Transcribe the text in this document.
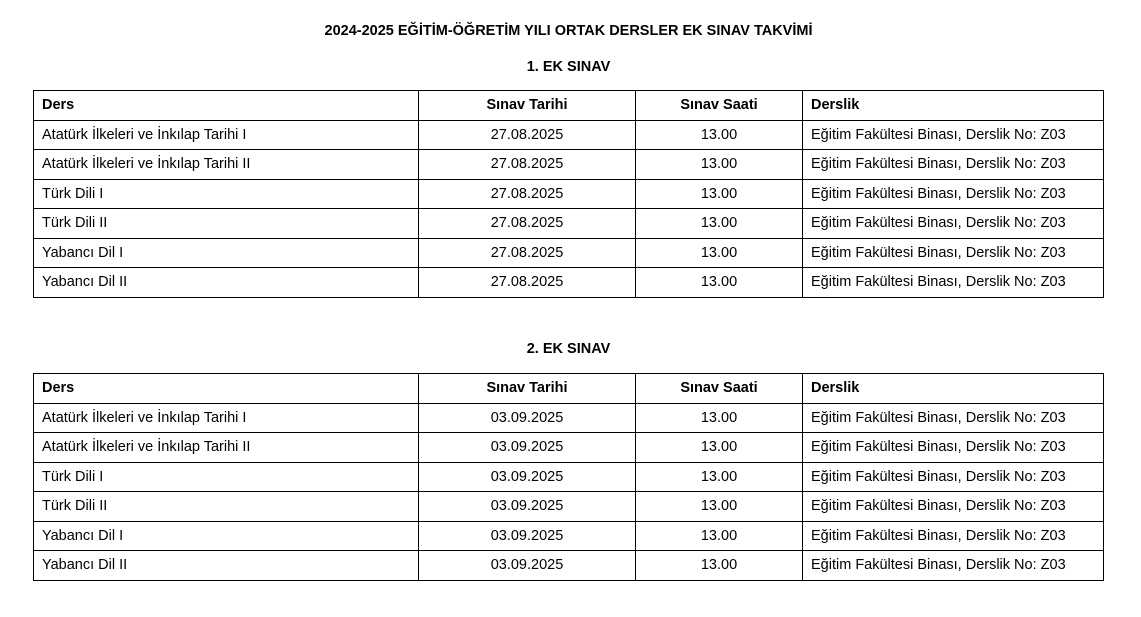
2024-2025 EĞİTİM-ÖĞRETİM YILI ORTAK DERSLER EK SINAV TAKVİMİ
1. EK SINAV
Ders	Sınav Tarihi	Sınav Saati	Derslik
Atatürk İlkeleri ve İnkılap Tarihi I	27.08.2025	13.00	Eğitim Fakültesi Binası, Derslik No: Z03
Atatürk İlkeleri ve İnkılap Tarihi II	27.08.2025	13.00	Eğitim Fakültesi Binası, Derslik No: Z03
Türk Dili I	27.08.2025	13.00	Eğitim Fakültesi Binası, Derslik No: Z03
Türk Dili II	27.08.2025	13.00	Eğitim Fakültesi Binası, Derslik No: Z03
Yabancı Dil I	27.08.2025	13.00	Eğitim Fakültesi Binası, Derslik No: Z03
Yabancı Dil II	27.08.2025	13.00	Eğitim Fakültesi Binası, Derslik No: Z03
2. EK SINAV
Ders	Sınav Tarihi	Sınav Saati	Derslik
Atatürk İlkeleri ve İnkılap Tarihi I	03.09.2025	13.00	Eğitim Fakültesi Binası, Derslik No: Z03
Atatürk İlkeleri ve İnkılap Tarihi II	03.09.2025	13.00	Eğitim Fakültesi Binası, Derslik No: Z03
Türk Dili I	03.09.2025	13.00	Eğitim Fakültesi Binası, Derslik No: Z03
Türk Dili II	03.09.2025	13.00	Eğitim Fakültesi Binası, Derslik No: Z03
Yabancı Dil I	03.09.2025	13.00	Eğitim Fakültesi Binası, Derslik No: Z03
Yabancı Dil II	03.09.2025	13.00	Eğitim Fakültesi Binası, Derslik No: Z03
